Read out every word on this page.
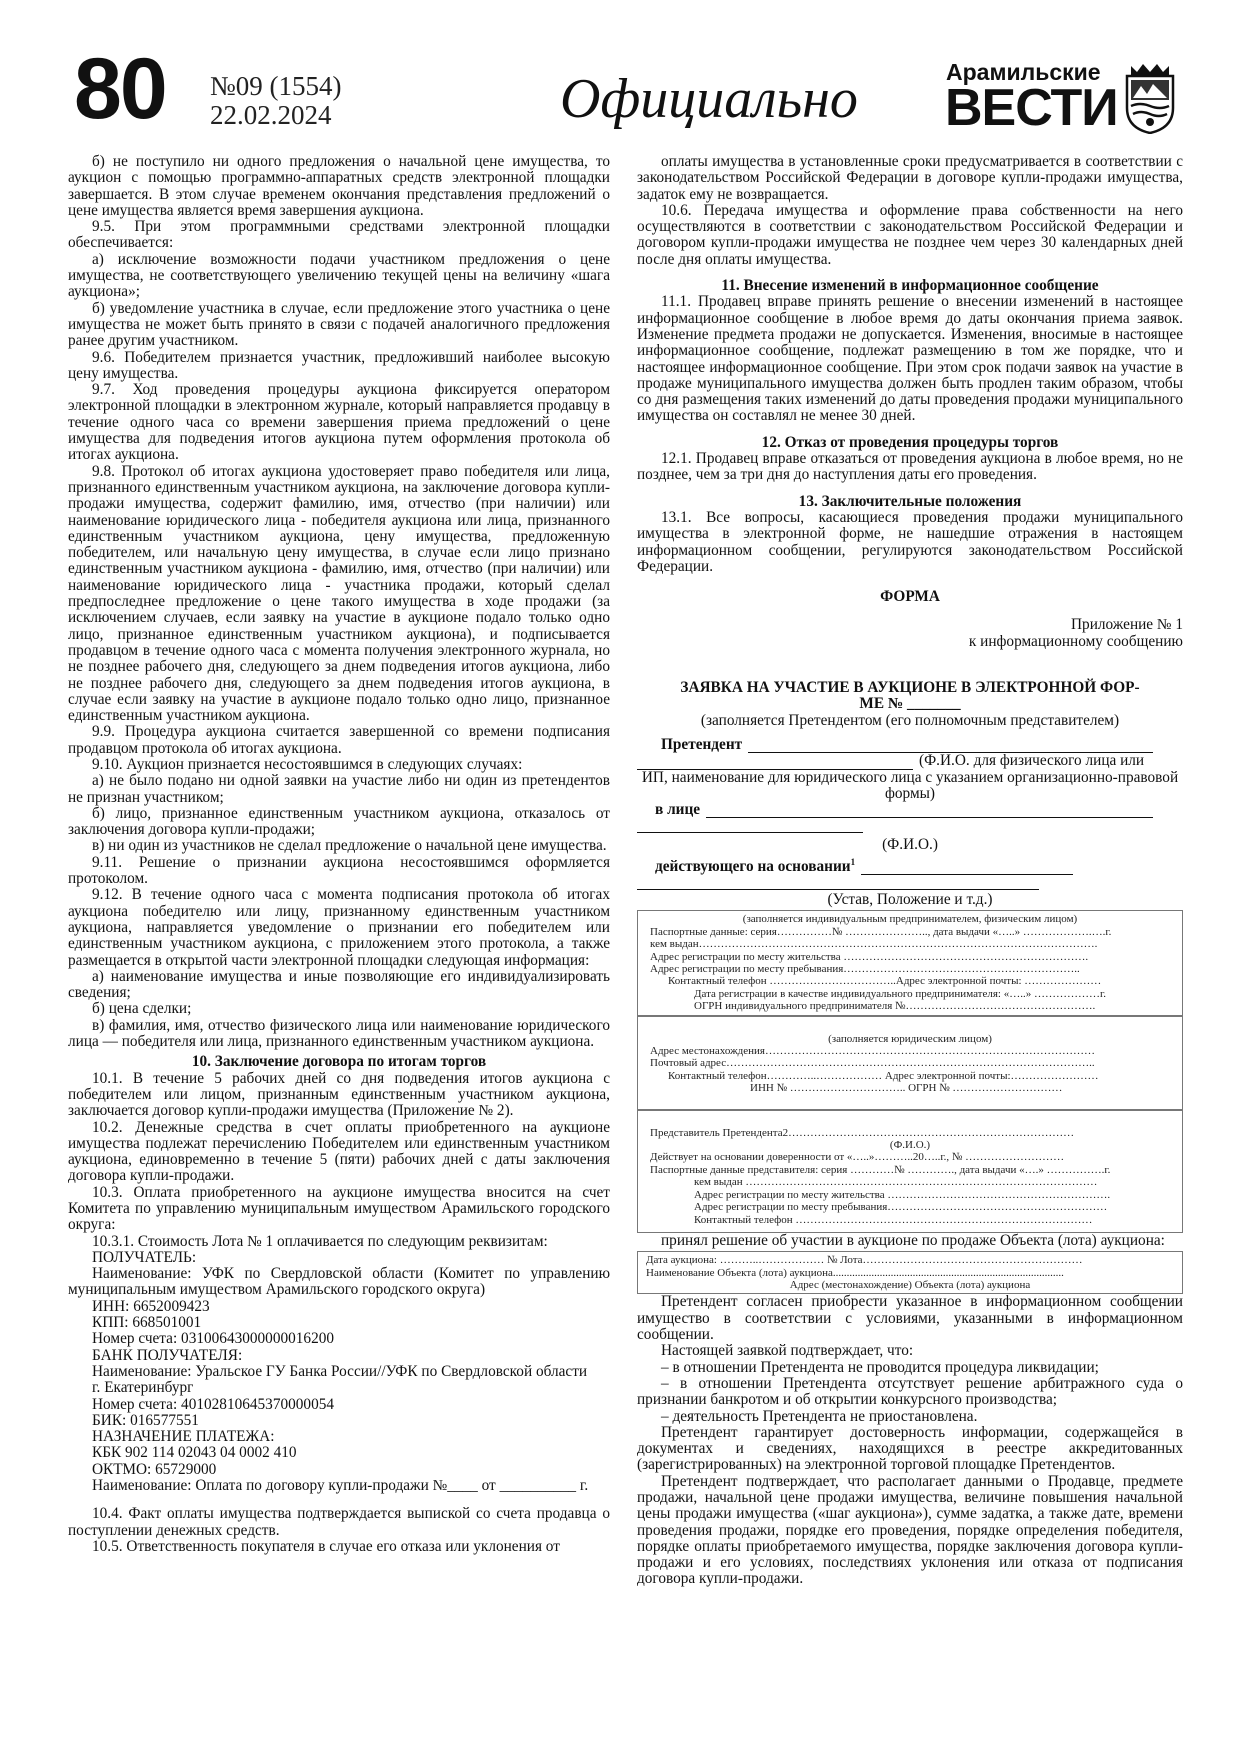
80 №09 (1554)
22.02.2024	Официально	Арамильские
ВЕСТИ

б) не поступило ни одного предложения о начальной цене имущества, то аукцион с помощью программно-аппаратных средств электронной площадки завершается. В этом случае временем окончания представления предложений о цене имущества является время завершения аукциона.

9.5. При этом программными средствами электронной площадки обеспечивается:

а) исключение возможности подачи участником предложения о цене имущества, не соответствующего увеличению текущей цены на величину «шага аукциона»;

б) уведомление участника в случае, если предложение этого участника о цене имущества не может быть принято в связи с подачей аналогичного предложения ранее другим участником.

9.6. Победителем признается участник, предложивший наиболее высокую цену имущества.

9.7. Ход проведения процедуры аукциона фиксируется оператором электронной площадки в электронном журнале, который направляется продавцу в течение одного часа со времени завершения приема предложений о цене имущества для подведения итогов аукциона путем оформления протокола об итогах аукциона.

9.8. Протокол об итогах аукциона удостоверяет право победителя или лица, признанного единственным участником аукциона, на заключение договора купли-продажи имущества, содержит фамилию, имя, отчество (при наличии) или наименование юридического лица - победителя аукциона или лица, признанного единственным участником аукциона, цену имущества, предложенную победителем, или начальную цену имущества, в случае если лицо признано единственным участником аукциона - фамилию, имя, отчество (при наличии) или наименование юридического лица - участника продажи, который сделал предпоследнее предложение о цене такого имущества в ходе продажи (за исключением случаев, если заявку на участие в аукционе подало только одно лицо, признанное единственным участником аукциона), и подписывается продавцом в течение одного часа с момента получения электронного журнала, но не позднее рабочего дня, следующего за днем подведения итогов аукциона, либо не позднее рабочего дня, следующего за днем подведения итогов аукциона, в случае если заявку на участие в аукционе подало только одно лицо, признанное единственным участником аукциона.

9.9. Процедура аукциона считается завершенной со времени подписания продавцом протокола об итогах аукциона.

9.10. Аукцион признается несостоявшимся в следующих случаях:

а) не было подано ни одной заявки на участие либо ни один из претендентов не признан участником;

б) лицо, признанное единственным участником аукциона, отказалось от заключения договора купли-продажи;

в) ни один из участников не сделал предложение о начальной цене имущества.

9.11. Решение о признании аукциона несостоявшимся оформляется протоколом.

9.12. В течение одного часа с момента подписания протокола об итогах аукциона победителю или лицу, признанному единственным участником аукциона, направляется уведомление о признании его победителем или единственным участником аукциона, с приложением этого протокола, а также размещается в открытой части электронной площадки следующая информация:

а) наименование имущества и иные позволяющие его индивидуализировать сведения;

б) цена сделки;

в) фамилия, имя, отчество физического лица или наименование юридического лица — победителя или лица, признанного единственным участником аукциона.

10. Заключение договора по итогам торгов

10.1. В течение 5 рабочих дней со дня подведения итогов аукциона с победителем или лицом, признанным единственным участником аукциона, заключается договор купли-продажи имущества (Приложение № 2).

10.2. Денежные средства в счет оплаты приобретенного на аукционе имущества подлежат перечислению Победителем или единственным участником аукциона, единовременно в течение 5 (пяти) рабочих дней с даты заключения договора купли-продажи.

10.3. Оплата приобретенного на аукционе имущества вносится на счет Комитета по управлению муниципальным имуществом Арамильского городского округа:

10.3.1. Стоимость Лота № 1 оплачивается по следующим реквизитам:

ПОЛУЧАТЕЛЬ:

Наименование: УФК по Свердловской области (Комитет по управлению муниципальным имуществом Арамильского городского округа)

ИНН: 6652009423

КПП: 668501001

Номер счета: 03100643000000016200

БАНК ПОЛУЧАТЕЛЯ:

Наименование: Уральское ГУ Банка России//УФК по Свердловской области

г. Екатеринбург

Номер счета: 40102810645370000054

БИК: 016577551

НАЗНАЧЕНИЕ ПЛАТЕЖА:

КБК 902 114 02043 04 0002 410

ОКТМО: 65729000

Наименование: Оплата по договору купли-продажи №____ от __________ г.

10.4. Факт оплаты имущества подтверждается выпиской со счета продавца о поступлении денежных средств.

10.5. Ответственность покупателя в случае его отказа или уклонения от

оплаты имущества в установленные сроки предусматривается в соответствии с законодательством Российской Федерации в договоре купли-продажи имущества, задаток ему не возвращается.

10.6. Передача имущества и оформление права собственности на него осуществляются в соответствии с законодательством Российской Федерации и договором купли-продажи имущества не позднее чем через 30 календарных дней после дня оплаты имущества.

11. Внесение изменений в информационное сообщение

11.1. Продавец вправе принять решение о внесении изменений в настоящее информационное сообщение в любое время до даты окончания приема заявок. Изменение предмета продажи не допускается. Изменения, вносимые в настоящее информационное сообщение, подлежат размещению в том же порядке, что и настоящее информационное сообщение. При этом срок подачи заявок на участие в продаже муниципального имущества должен быть продлен таким образом, чтобы со дня размещения таких изменений до даты проведения продажи муниципального имущества он составлял не менее 30 дней.

12. Отказ от проведения процедуры торгов

12.1. Продавец вправе отказаться от проведения аукциона в любое время, но не позднее, чем за три дня до наступления даты его проведения.

13. Заключительные положения

13.1. Все вопросы, касающиеся проведения продажи муниципального имущества в электронной форме, не нашедшие отражения в настоящем информационном сообщении, регулируются законодательством Российской Федерации.

ФОРМА

Приложение № 1

к информационному сообщению

ЗАЯВКА НА УЧАСТИЕ В АУКЦИОНЕ В ЭЛЕКТРОННОЙ ФОР-

МЕ № _______

(заполняется Претендентом (его полномочным представителем)

Претендент
(Ф.И.О. для физического лица или

ИП, наименование для юридического лица с указанием организационно-правовой формы)

в лице

(Ф.И.О.)

действующего на основании$^1$

(Устав, Положение и т.д.)

(заполняется индивидуальным предпринимателем, физическим лицом)
Паспортные данные: серия……………№ ………………….., дата выдачи «…..» ……………….….г.
кем выдан……………………………………………………………………………………………….
Адрес регистрации по месту жительства ………………………………………………………….
Адрес регистрации по месту пребывания………………………………………………………..
Контактный телефон ……………………………..Адрес электронной почты: …………………
Дата регистрации в качестве индивидуального предпринимателя: «…..» ………………г.
ОГРН индивидуального предпринимателя №…………………………………………….
(заполняется юридическим лицом)
Адрес местонахождения………………………………………………………………………………
Почтовый адрес………………………………………………………………………………………..
Контактный телефон…………..……………… Адрес электронной почты:……………………
ИНН № ………………………….. ОГРН № …………………………
Представитель Претендента2……………………………………………………………………
(Ф.И.О.)
Действует на основании доверенности от «…..»………..20…..г., № ………………………
Паспортные данные представителя: серия …………№ …………., дата выдачи «….» …………….г.
кем выдан ……………………………………………………………………………………
Адрес регистрации по месту жительства …………………………………………………….
Адрес регистрации по месту пребывания……………………………………………………
Контактный телефон ………………………………………………………………………

принял решение об участии в аукционе по продаже Объекта (лота) аукциона:

Дата аукциона: ………..……………… № Лота……………………………………………………
Наименование Объекта (лота) аукциона....................................................................................
Адрес (местонахождение) Объекта (лота) аукциона

Претендент согласен приобрести указанное в информационном сообщении имущество в соответствии с условиями, указанными в информационном сообщении.

Настоящей заявкой подтверждает, что:

– в отношении Претендента не проводится процедура ликвидации;

– в отношении Претендента отсутствует решение арбитражного суда о признании банкротом и об открытии конкурсного производства;

– деятельность Претендента не приостановлена.

Претендент гарантирует достоверность информации, содержащейся в документах и сведениях, находящихся в реестре аккредитованных (зарегистрированных) на электронной торговой площадке Претендентов.

Претендент подтверждает, что располагает данными о Продавце, предмете продажи, начальной цене продажи имущества, величине повышения начальной цены продажи имущества («шаг аукциона»), сумме задатка, а также дате, времени проведения продажи, порядке его проведения, порядке определения победителя, порядке оплаты приобретаемого имущества, порядке заключения договора купли-продажи и его условиях, последствиях уклонения или отказа от подписания договора купли-продажи.
